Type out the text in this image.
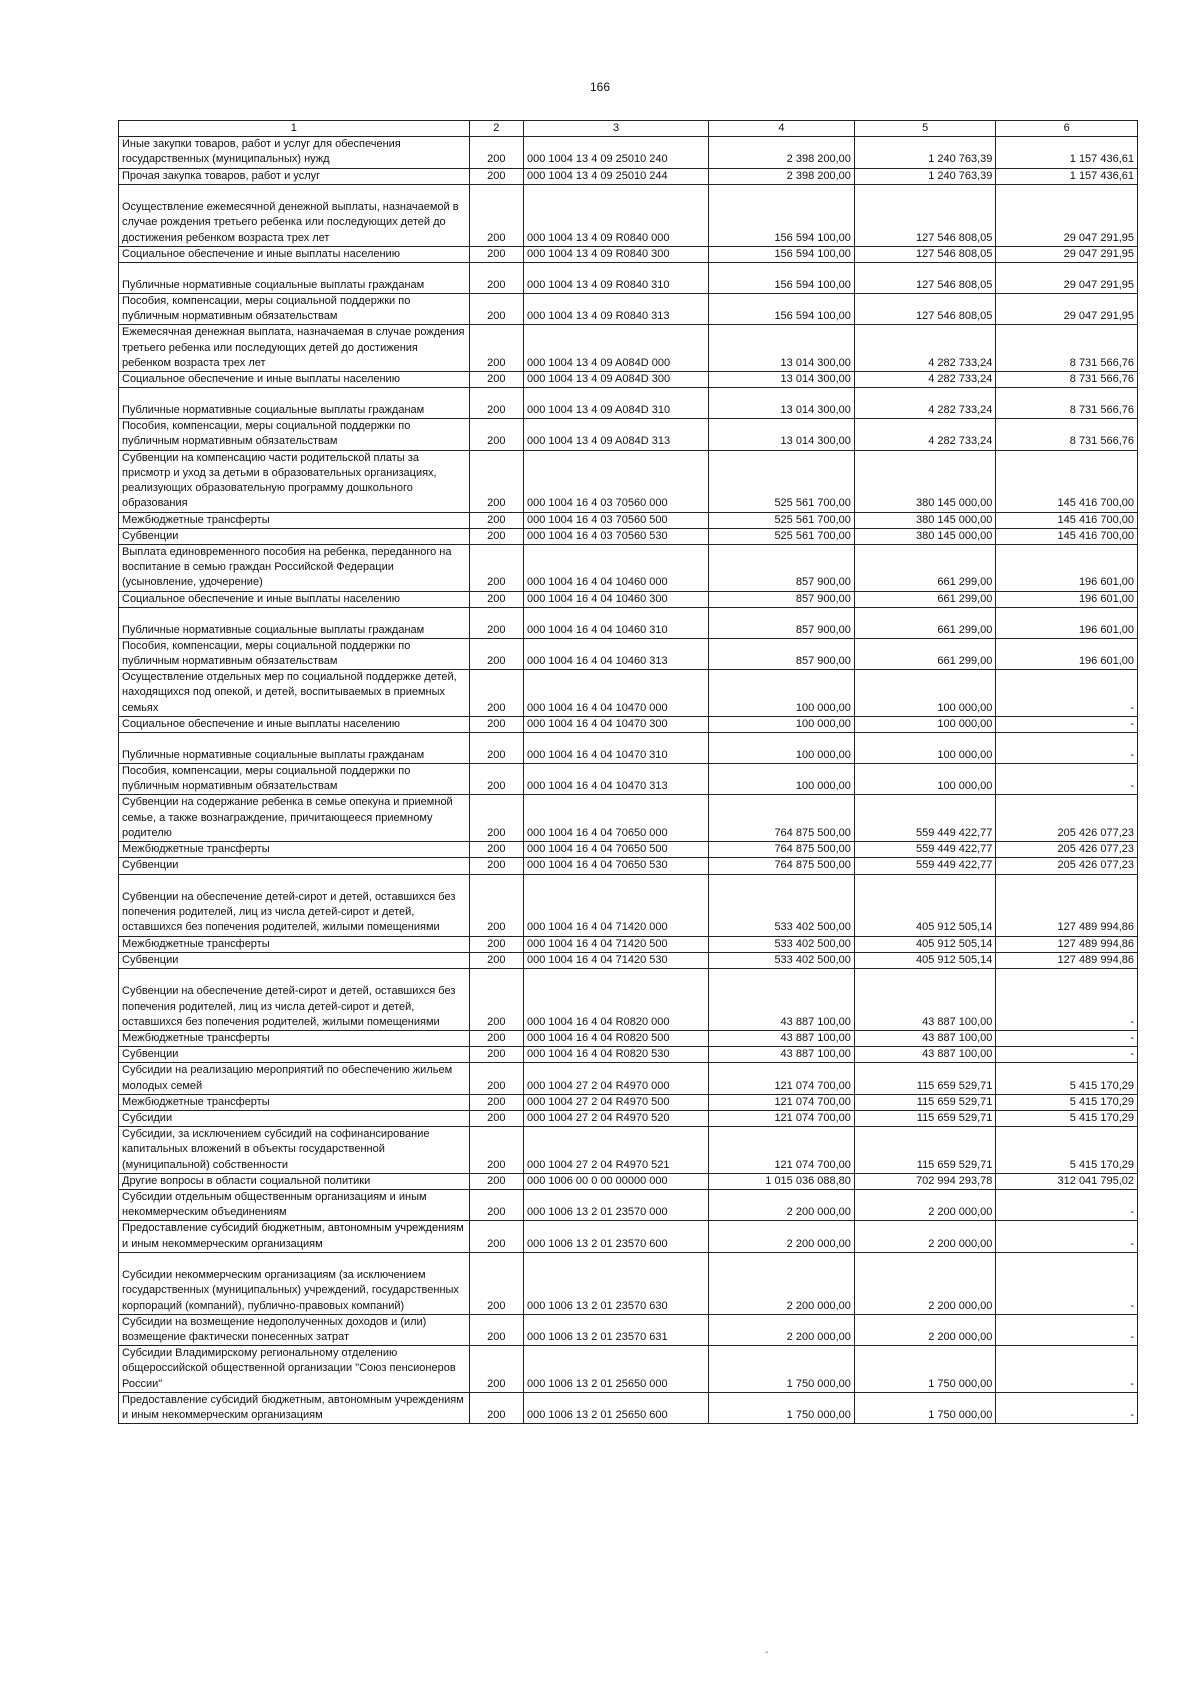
166
1	2	3	4	5	6
Иные закупки товаров, работ и услуг для обеспечения государственных (муниципальных) нужд	200	000 1004 13 4 09 25010 240	2 398 200,00	1 240 763,39	1 157 436,61
Прочая закупка товаров, работ и услуг	200	000 1004 13 4 09 25010 244	2 398 200,00	1 240 763,39	1 157 436,61
Осуществление ежемесячной денежной выплаты, назначаемой в случае рождения третьего ребенка или последующих детей до достижения ребенком возраста трех лет	200	000 1004 13 4 09 R0840 000	156 594 100,00	127 546 808,05	29 047 291,95
Социальное обеспечение и иные выплаты населению	200	000 1004 13 4 09 R0840 300	156 594 100,00	127 546 808,05	29 047 291,95
Публичные нормативные социальные выплаты гражданам	200	000 1004 13 4 09 R0840 310	156 594 100,00	127 546 808,05	29 047 291,95
Пособия, компенсации, меры социальной поддержки по публичным нормативным обязательствам	200	000 1004 13 4 09 R0840 313	156 594 100,00	127 546 808,05	29 047 291,95
Ежемесячная денежная выплата, назначаемая в случае рождения третьего ребенка или последующих детей до достижения ребенком возраста трех лет	200	000 1004 13 4 09 A084D 000	13 014 300,00	4 282 733,24	8 731 566,76
Социальное обеспечение и иные выплаты населению	200	000 1004 13 4 09 A084D 300	13 014 300,00	4 282 733,24	8 731 566,76
Публичные нормативные социальные выплаты гражданам	200	000 1004 13 4 09 A084D 310	13 014 300,00	4 282 733,24	8 731 566,76
Пособия, компенсации, меры социальной поддержки по публичным нормативным обязательствам	200	000 1004 13 4 09 A084D 313	13 014 300,00	4 282 733,24	8 731 566,76
Субвенции на компенсацию части родительской платы за присмотр и уход за детьми в образовательных организациях, реализующих образовательную программу дошкольного образования	200	000 1004 16 4 03 70560 000	525 561 700,00	380 145 000,00	145 416 700,00
Межбюджетные трансферты	200	000 1004 16 4 03 70560 500	525 561 700,00	380 145 000,00	145 416 700,00
Субвенции	200	000 1004 16 4 03 70560 530	525 561 700,00	380 145 000,00	145 416 700,00
Выплата единовременного пособия на ребенка, переданного на воспитание в семью граждан Российской Федерации (усыновление, удочерение)	200	000 1004 16 4 04 10460 000	857 900,00	661 299,00	196 601,00
Социальное обеспечение и иные выплаты населению	200	000 1004 16 4 04 10460 300	857 900,00	661 299,00	196 601,00
Публичные нормативные социальные выплаты гражданам	200	000 1004 16 4 04 10460 310	857 900,00	661 299,00	196 601,00
Пособия, компенсации, меры социальной поддержки по публичным нормативным обязательствам	200	000 1004 16 4 04 10460 313	857 900,00	661 299,00	196 601,00
Осуществление отдельных мер по социальной поддержке детей, находящихся под опекой, и детей, воспитываемых в приемных семьях	200	000 1004 16 4 04 10470 000	100 000,00	100 000,00	-
Социальное обеспечение и иные выплаты населению	200	000 1004 16 4 04 10470 300	100 000,00	100 000,00	-
Публичные нормативные социальные выплаты гражданам	200	000 1004 16 4 04 10470 310	100 000,00	100 000,00	-
Пособия, компенсации, меры социальной поддержки по публичным нормативным обязательствам	200	000 1004 16 4 04 10470 313	100 000,00	100 000,00	-
Субвенции на содержание ребенка в семье опекуна и приемной семье, а также вознаграждение, причитающееся приемному родителю	200	000 1004 16 4 04 70650 000	764 875 500,00	559 449 422,77	205 426 077,23
Межбюджетные трансферты	200	000 1004 16 4 04 70650 500	764 875 500,00	559 449 422,77	205 426 077,23
Субвенции	200	000 1004 16 4 04 70650 530	764 875 500,00	559 449 422,77	205 426 077,23
Субвенции на обеспечение детей-сирот и детей, оставшихся без попечения родителей, лиц из числа детей-сирот и детей, оставшихся без попечения родителей, жилыми помещениями	200	000 1004 16 4 04 71420 000	533 402 500,00	405 912 505,14	127 489 994,86
Межбюджетные трансферты	200	000 1004 16 4 04 71420 500	533 402 500,00	405 912 505,14	127 489 994,86
Субвенции	200	000 1004 16 4 04 71420 530	533 402 500,00	405 912 505,14	127 489 994,86
Субвенции на обеспечение детей-сирот и детей, оставшихся без попечения родителей, лиц из числа детей-сирот и детей, оставшихся без попечения родителей, жилыми помещениями	200	000 1004 16 4 04 R0820 000	43 887 100,00	43 887 100,00	-
Межбюджетные трансферты	200	000 1004 16 4 04 R0820 500	43 887 100,00	43 887 100,00	-
Субвенции	200	000 1004 16 4 04 R0820 530	43 887 100,00	43 887 100,00	-
Субсидии на реализацию мероприятий по обеспечению жильем молодых семей	200	000 1004 27 2 04 R4970 000	121 074 700,00	115 659 529,71	5 415 170,29
Межбюджетные трансферты	200	000 1004 27 2 04 R4970 500	121 074 700,00	115 659 529,71	5 415 170,29
Субсидии	200	000 1004 27 2 04 R4970 520	121 074 700,00	115 659 529,71	5 415 170,29
Субсидии, за исключением субсидий на софинансирование капитальных вложений в объекты государственной (муниципальной) собственности	200	000 1004 27 2 04 R4970 521	121 074 700,00	115 659 529,71	5 415 170,29
Другие вопросы в области социальной политики	200	000 1006 00 0 00 00000 000	1 015 036 088,80	702 994 293,78	312 041 795,02
Субсидии отдельным общественным организациям и иным некоммерческим объединениям	200	000 1006 13 2 01 23570 000	2 200 000,00	2 200 000,00	-
Предоставление субсидий бюджетным, автономным учреждениям и иным некоммерческим организациям	200	000 1006 13 2 01 23570 600	2 200 000,00	2 200 000,00	-
Субсидии некоммерческим организациям (за исключением государственных (муниципальных) учреждений, государственных корпораций (компаний), публично-правовых компаний)	200	000 1006 13 2 01 23570 630	2 200 000,00	2 200 000,00	-
Субсидии на возмещение недополученных доходов и (или) возмещение фактически понесенных затрат	200	000 1006 13 2 01 23570 631	2 200 000,00	2 200 000,00	-
Субсидии Владимирскому региональному отделению общероссийской общественной организации "Союз пенсионеров России"	200	000 1006 13 2 01 25650 000	1 750 000,00	1 750 000,00	-
Предоставление субсидий бюджетным, автономным учреждениям и иным некоммерческим организациям	200	000 1006 13 2 01 25650 600	1 750 000,00	1 750 000,00	-
-
